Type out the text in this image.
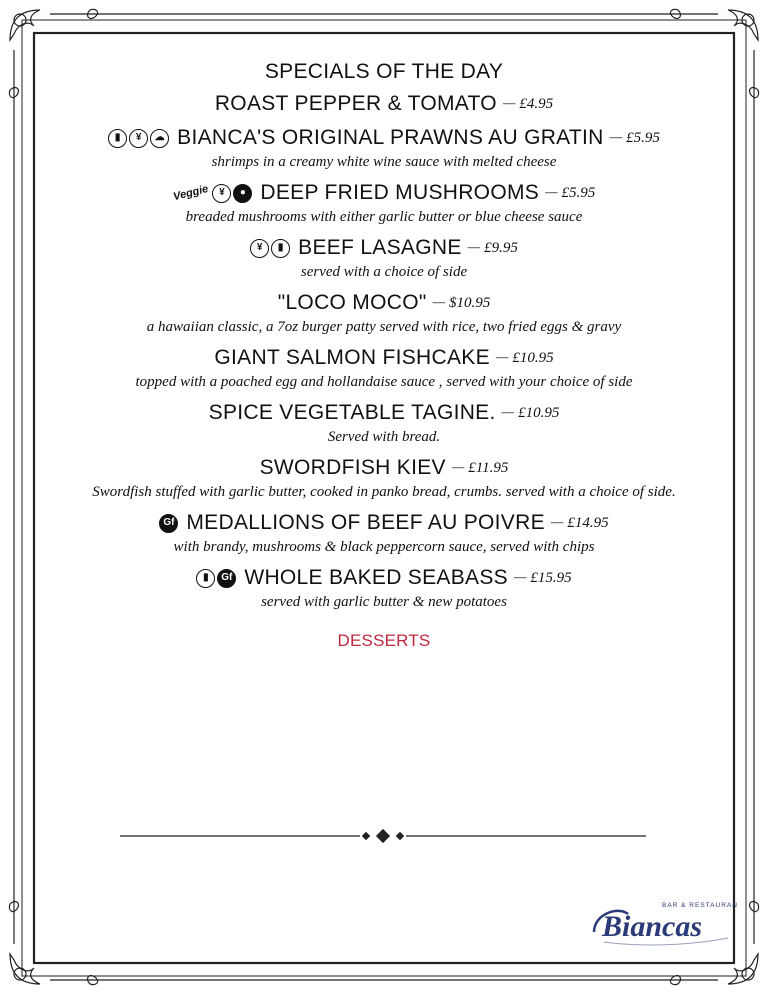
SPECIALS OF THE DAY
ROAST PEPPER & TOMATO — £4.95
▮	¥	☁ BIANCA'S ORIGINAL PRAWNS AU GRATIN — £5.95
shrimps in a creamy white wine sauce with melted cheese
Veggie ¥	● DEEP FRIED MUSHROOMS — £5.95
breaded mushrooms with either garlic butter or blue cheese sauce
¥	▮ BEEF LASAGNE — £9.95
served with a choice of side
"LOCO MOCO" — $10.95
a hawaiian classic, a 7oz burger patty served with rice, two fried eggs & gravy
GIANT SALMON FISHCAKE — £10.95
topped with a poached egg and hollandaise sauce , served with your choice of side
SPICE VEGETABLE TAGINE. — £10.95
Served with bread.
SWORDFISH KIEV — £11.95
Swordfish stuffed with garlic butter, cooked in panko bread, crumbs. served with a choice of side.
Gf MEDALLIONS OF BEEF AU POIVRE — £14.95
with brandy, mushrooms & black peppercorn sauce, served with chips
▮	Gf WHOLE BAKED SEABASS — £15.95
served with garlic butter & new potatoes
DESSERTS
BAR & RESTAURANT
Biancas
